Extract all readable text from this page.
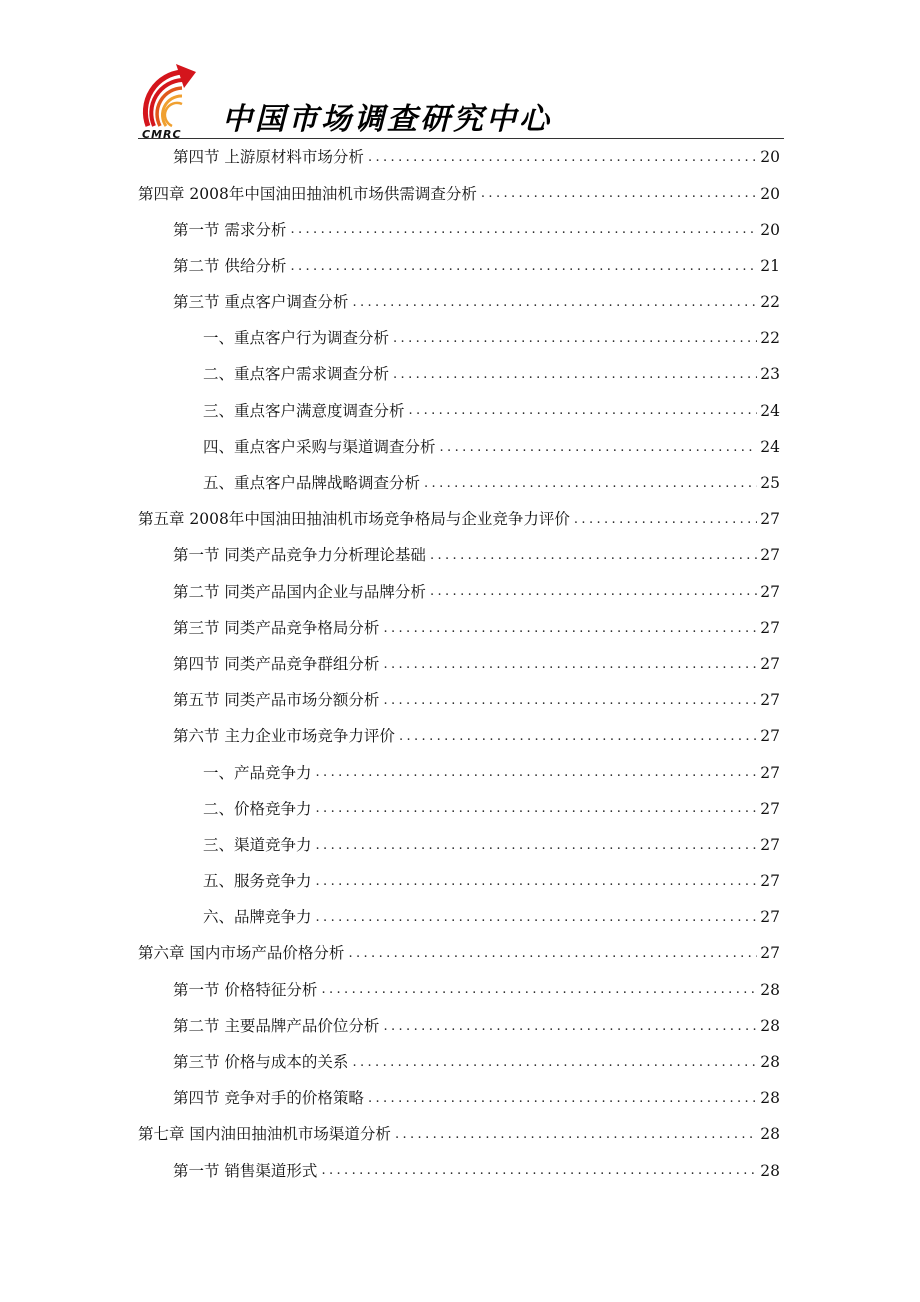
CMRC 中国市场调查研究中心
第四节 上游原材料市场分析 .....	20
第四章 2008年中国油田抽油机市场供需调查分析 .....	20
第一节 需求分析 .....	20
第二节 供给分析 .....	21
第三节 重点客户调查分析 .....	22
一、重点客户行为调查分析 .....	22
二、重点客户需求调查分析 .....	23
三、重点客户满意度调查分析 .....	24
四、重点客户采购与渠道调查分析 .....	24
五、重点客户品牌战略调查分析 .....	25
第五章 2008年中国油田抽油机市场竞争格局与企业竞争力评价 .....	27
第一节 同类产品竞争力分析理论基础 .....	27
第二节 同类产品国内企业与品牌分析 .....	27
第三节 同类产品竞争格局分析 .....	27
第四节 同类产品竞争群组分析 .....	27
第五节 同类产品市场分额分析 .....	27
第六节 主力企业市场竞争力评价 .....	27
一、产品竞争力 .....	27
二、价格竞争力 .....	27
三、渠道竞争力 .....	27
五、服务竞争力 .....	27
六、品牌竞争力 .....	27
第六章 国内市场产品价格分析 .....	27
第一节 价格特征分析 .....	28
第二节 主要品牌产品价位分析 .....	28
第三节 价格与成本的关系 .....	28
第四节 竞争对手的价格策略 .....	28
第七章 国内油田抽油机市场渠道分析 .....	28
第一节 销售渠道形式 .....	28
